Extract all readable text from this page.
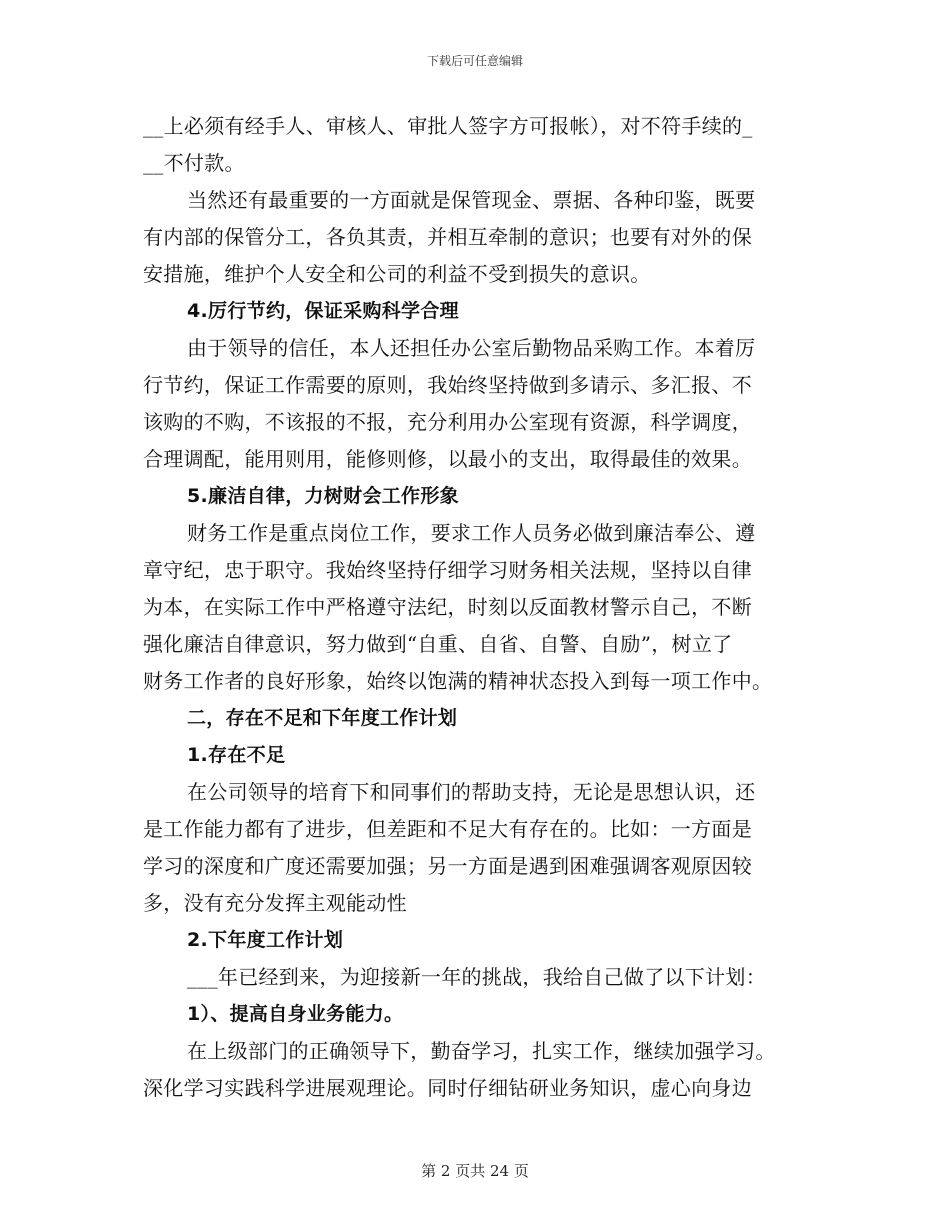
下载后可任意编辑
__上必须有经手人、审核人、审批人签字方可报帐），对不符手续的_
__不付款。
当然还有最重要的一方面就是保管现金、票据、各种印鉴，既要
有内部的保管分工，各负其责，并相互牵制的意识；也要有对外的保
安措施，维护个人安全和公司的利益不受到损失的意识。
4.厉行节约，保证采购科学合理
由于领导的信任，本人还担任办公室后勤物品采购工作。本着厉
行节约，保证工作需要的原则，我始终坚持做到多请示、多汇报、不
该购的不购，不该报的不报，充分利用办公室现有资源，科学调度，
合理调配，能用则用，能修则修，以最小的支出，取得最佳的效果。
5.廉洁自律，力树财会工作形象
财务工作是重点岗位工作，要求工作人员务必做到廉洁奉公、遵
章守纪，忠于职守。我始终坚持仔细学习财务相关法规，坚持以自律
为本，在实际工作中严格遵守法纪，时刻以反面教材警示自己，不断
强化廉洁自律意识，努力做到“自重、自省、自警、自励”，树立了
财务工作者的良好形象，始终以饱满的精神状态投入到每一项工作中。
二，存在不足和下年度工作计划
1.存在不足
在公司领导的培育下和同事们的帮助支持，无论是思想认识，还
是工作能力都有了进步，但差距和不足大有存在的。比如：一方面是
学习的深度和广度还需要加强；另一方面是遇到困难强调客观原因较
多，没有充分发挥主观能动性
2.下年度工作计划
___年已经到来，为迎接新一年的挑战，我给自己做了以下计划：
1）、提高自身业务能力。
在上级部门的正确领导下，勤奋学习，扎实工作，继续加强学习。
深化学习实践科学进展观理论。同时仔细钻研业务知识，虚心向身边
第 2 页共 24 页
